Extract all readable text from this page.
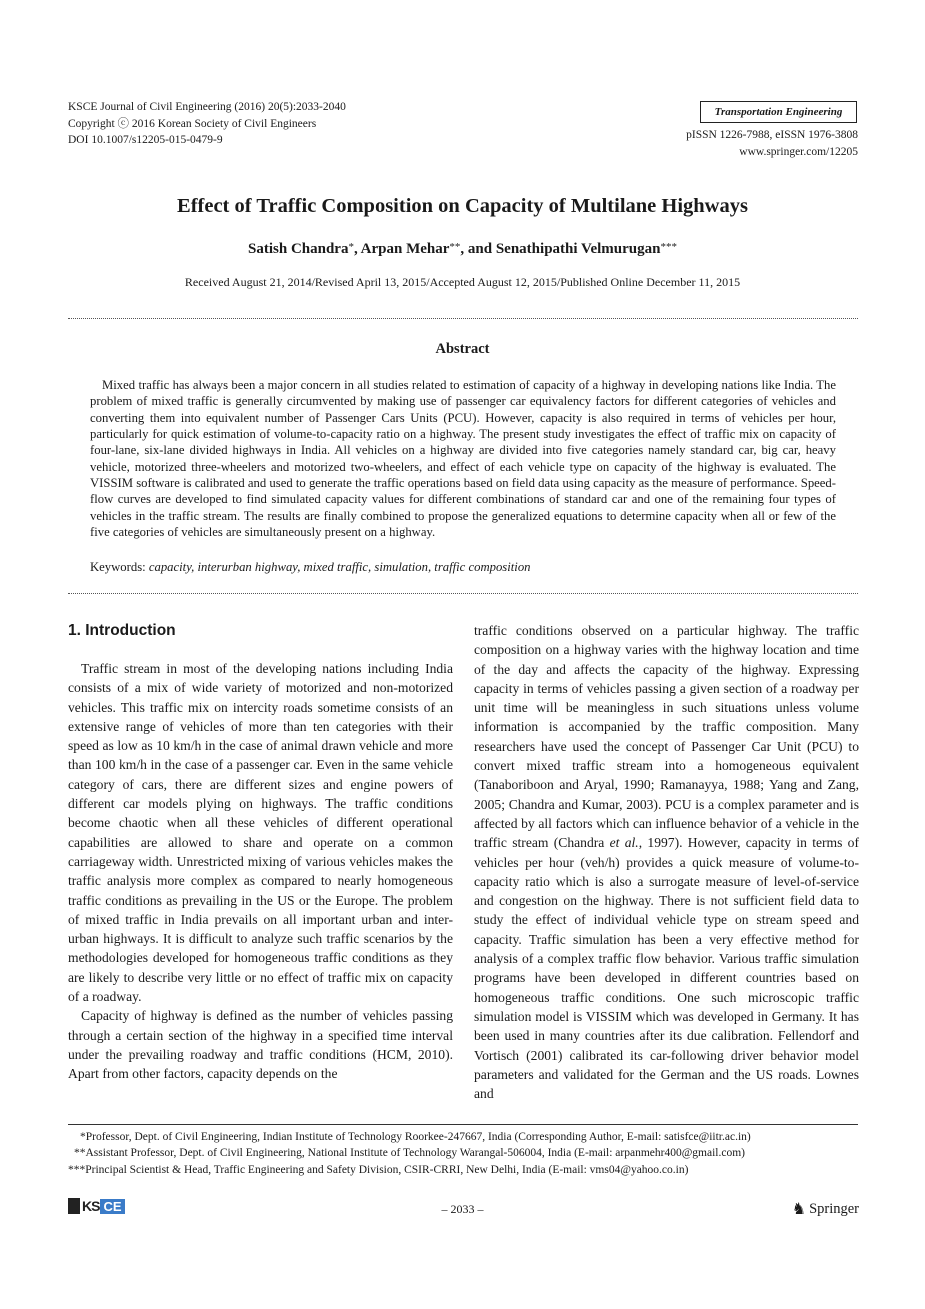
KSCE Journal of Civil Engineering (2016) 20(5):2033-2040
Copyright ⓒ 2016 Korean Society of Civil Engineers
DOI 10.1007/s12205-015-0479-9
Transportation Engineering
pISSN 1226-7988, eISSN 1976-3808
www.springer.com/12205
Effect of Traffic Composition on Capacity of Multilane Highways
Satish Chandra*, Arpan Mehar**, and Senathipathi Velmurugan***
Received August 21, 2014/Revised April 13, 2015/Accepted August 12, 2015/Published Online December 11, 2015
Abstract

Mixed traffic has always been a major concern in all studies related to estimation of capacity of a highway in developing nations like India. The problem of mixed traffic is generally circumvented by making use of passenger car equivalency factors for different categories of vehicles and converting them into equivalent number of Passenger Cars Units (PCU). However, capacity is also required in terms of vehicles per hour, particularly for quick estimation of volume-to-capacity ratio on a highway. The present study investigates the effect of traffic mix on capacity of four-lane, six-lane divided highways in India. All vehicles on a highway are divided into five categories namely standard car, big car, heavy vehicle, motorized three-wheelers and motorized two-wheelers, and effect of each vehicle type on capacity of the highway is evaluated. The VISSIM software is calibrated and used to generate the traffic operations based on field data using capacity as the measure of performance. Speed-flow curves are developed to find simulated capacity values for different combinations of standard car and one of the remaining four types of vehicles in the traffic stream. The results are finally combined to propose the generalized equations to determine capacity when all or few of the five categories of vehicles are simultaneously present on a highway.

Keywords: capacity, interurban highway, mixed traffic, simulation, traffic composition
1. Introduction

Traffic stream in most of the developing nations including India consists of a mix of wide variety of motorized and non-motorized vehicles. This traffic mix on intercity roads sometime consists of an extensive range of vehicles of more than ten categories with their speed as low as 10 km/h in the case of animal drawn vehicle and more than 100 km/h in the case of a passenger car. Even in the same vehicle category of cars, there are different sizes and engine powers of different car models plying on highways. The traffic conditions become chaotic when all these vehicles of different operational capabilities are allowed to share and operate on a common carriageway width. Unrestricted mixing of various vehicles makes the traffic analysis more complex as compared to nearly homogeneous traffic conditions as prevailing in the US or the Europe. The problem of mixed traffic in India prevails on all important urban and inter-urban highways. It is difficult to analyze such traffic scenarios by the methodologies developed for homogeneous traffic conditions as they are likely to describe very little or no effect of traffic mix on capacity of a roadway.

Capacity of highway is defined as the number of vehicles passing through a certain section of the highway in a specified time interval under the prevailing roadway and traffic conditions (HCM, 2010). Apart from other factors, capacity depends on the

traffic conditions observed on a particular highway. The traffic composition on a highway varies with the highway location and time of the day and affects the capacity of the highway. Expressing capacity in terms of vehicles passing a given section of a roadway per unit time will be meaningless in such situations unless volume information is accompanied by the traffic composition. Many researchers have used the concept of Passenger Car Unit (PCU) to convert mixed traffic stream into a homogeneous equivalent (Tanaboriboon and Aryal, 1990; Ramanayya, 1988; Yang and Zang, 2005; Chandra and Kumar, 2003). PCU is a complex parameter and is affected by all factors which can influence behavior of a vehicle in the traffic stream (Chandra et al., 1997). However, capacity in terms of vehicles per hour (veh/h) provides a quick measure of volume-to-capacity ratio which is also a surrogate measure of level-of-service and congestion on the highway. There is not sufficient field data to study the effect of individual vehicle type on stream speed and capacity. Traffic simulation has been a very effective method for analysis of a complex traffic flow behavior. Various traffic simulation programs have been developed in different countries based on homogeneous traffic conditions. One such microscopic traffic simulation model is VISSIM which was developed in Germany. It has been used in many countries after its due calibration. Fellendorf and Vortisch (2001) calibrated its car-following driver behavior model parameters and validated for the German and the US roads. Lownes and

*Professor, Dept. of Civil Engineering, Indian Institute of Technology Roorkee-247667, India (Corresponding Author, E-mail: satisfce@iitr.ac.in)
**Assistant Professor, Dept. of Civil Engineering, National Institute of Technology Warangal-506004, India (E-mail: arpanmehr400@gmail.com)
***Principal Scientist & Head, Traffic Engineering and Safety Division, CSIR-CRRI, New Delhi, India (E-mail: vms04@yahoo.co.in)
KS CE	– 2033 –	♞ Springer
